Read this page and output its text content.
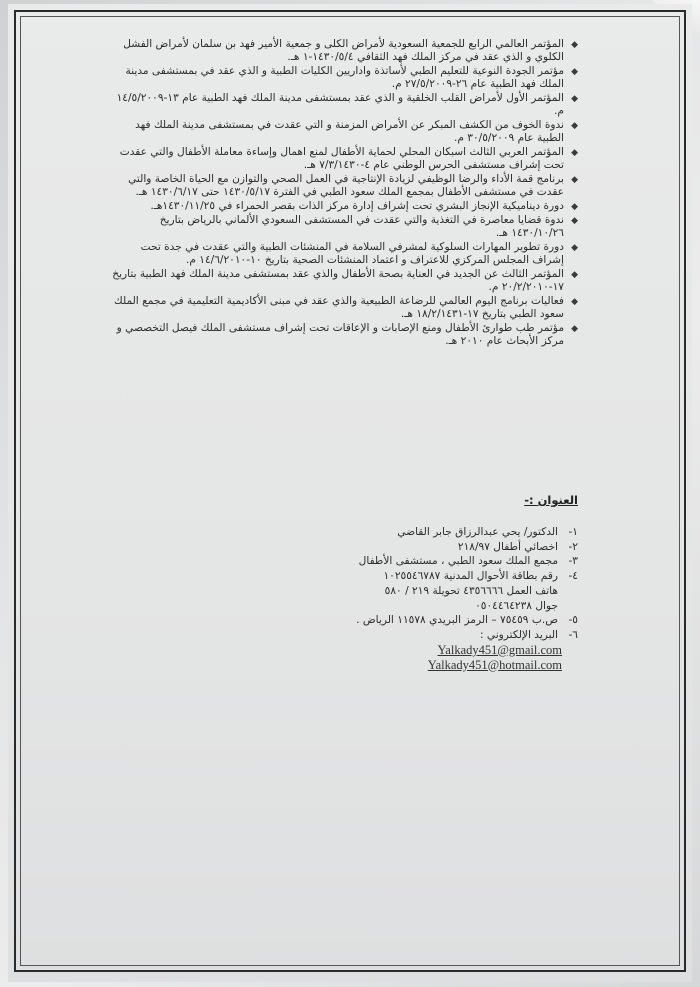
◆
المؤتمر العالمي الرابع للجمعية السعودية لأمراض الكلى و جمعية الأمير فهد بن سلمان لأمراض الفشل الكلوي و الذي عقد في مركز الملك فهد الثقافي ١٤٣٠/٥/٤-١ هـ.
◆
مؤتمر الجودة النوعية للتعليم الطبي لأساتذة واداريين الكليات الطبية و الذي عقد في بمستشفى مدينة الملك فهد الطبية عام ٢٦-٢٧/٥/٢٠٠٩ م.
◆
المؤتمر الأول لأمراض القلب الخلقية و الذي عقد بمستشفى مدينة الملك فهد الطبية عام ١٣-١٤/٥/٢٠٠٩ م.
◆
ندوة الخوف من الكشف المبكر عن الأمراض المزمنة و التي عقدت في بمستشفى مدينة الملك فهد الطبية عام ٣٠/٥/٢٠٠٩ م.
◆
المؤتمر العربي الثالث اسبكان المحلي لحماية الأطفال لمنع اهمال وإساءة معاملة الأطفال والتي عقدت تحت إشراف مستشفى الحرس الوطني عام ٤-٧/٣/١٤٣٠ هـ.
◆
برنامج قمة الأداء والرضا الوظيفي لزيادة الإنتاجية في العمل الصحي والتوازن مع الحياة الخاصة والتي عقدت في مستشفى الأطفال بمجمع الملك سعود الطبي في الفترة ١٤٣٠/٥/١٧ حتى ١٤٣٠/٦/١٧ هـ.
◆
دورة ديناميكية الإنجاز البشري تحت إشراف إدارة مركز الذات بقصر الحمراء في ١٤٣٠/١١/٢٥هـ.
◆
ندوة قضايا معاصرة في التغذية والتي عقدت في المستشفى السعودي الألماني بالرياض بتاريخ ١٤٣٠/١٠/٢٦ هـ.
◆
دورة تطوير المهارات السلوكية لمشرفي السلامة في المنشئات الطبية والتي عقدت في جدة تحت إشراف المجلس المركزي للاعتراف و اعتماد المنشئات الصحية بتاريخ ١٠-١٤/٦/٢٠١٠ م.
◆
المؤتمر الثالث عن الجديد في العناية بصحة الأطفال والذي عقد بمستشفى مدينة الملك فهد الطبية بتاريخ ١٧-٢٠/٢/٢٠١٠ م.
◆
فعاليات برنامج اليوم العالمي للرضاعة الطبيعية والذي عقد في مبنى الأكاديمية التعليمية في مجمع الملك سعود الطبي بتاريخ ١٧-١٨/٢/١٤٣١ هـ.
◆
مؤتمر طب طوارئ الأطفال ومنع الإصابات و الإعاقات تحت إشراف مستشفى الملك فيصل التخصصي و مركز الأبحاث عام ٢٠١٠ هـ.
العنوان :-
١-
الدكتور/ يحي عبدالرزاق جابر القاضي
٢-
اخصائي أطفال ٢١٨/٩٧
٣-
مجمع الملك سعود الطبي ، مستشفى الأطفال
٤-
رقم بطاقة الأحوال المدنية ١٠٢٥٥٤٦٧٨٧
هاتف العمل ٤٣٥٦٦٦٦ تحويلة ٢١٩ / ٥٨٠
جوال ٠٥٠٤٤٦٤٢٣٨
٥-
ص.ب ٧٥٤٥٩ – الرمز البريدي ١١٥٧٨ الرياض .
٦-
البريد الإلكتروني :
Yalkady451@gmail.com
Yalkady451@hotmail.com
